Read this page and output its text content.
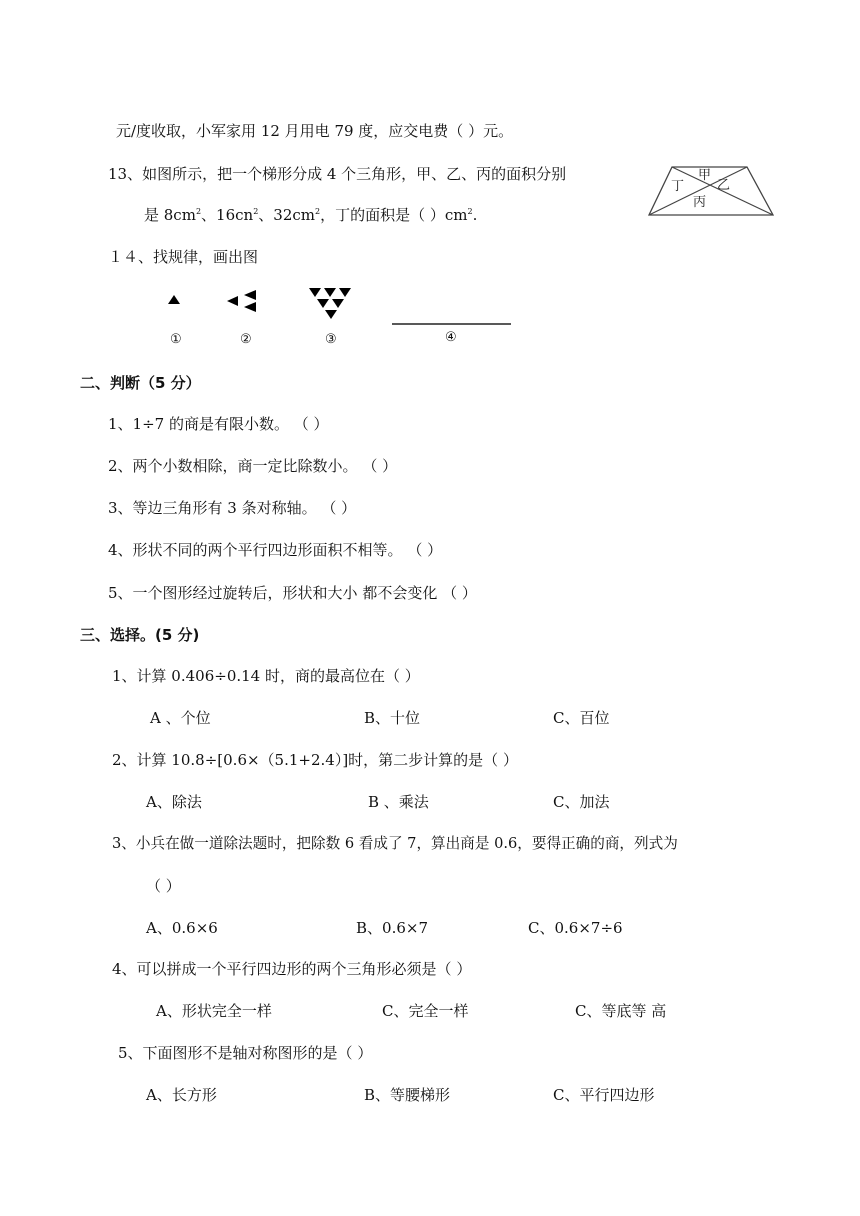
元/度收取，小军家用 12 月用电 79 度，应交电费（ ）元。
13、如图所示，把一个梯形分成 4 个三角形，甲、乙、丙的面积分别
是 $8cm^2$、$16cn^2$、$32cm^2$，丁的面积是（ ）$cm^2$.
甲
乙
丁
丙
１４、找规律，画出图
①	②	③	④
二、判断（5 分）
1、1÷7 的商是有限小数。 （ ）
2、两个小数相除，商一定比除数小。 （ ）
3、等边三角形有 3 条对称轴。 （ ）
4、形状不同的两个平行四边形面积不相等。 （ ）
5、一个图形经过旋转后，形状和大小 都不会变化 （ ）
三、选择。(5 分)
1、计算 0.406÷0.14 时，商的最高位在（ ）
A 、个位	B、十位	C、百位
2、计算 10.8÷[0.6×（5.1+2.4）]时，第二步计算的是（ ）
A、除法	B 、乘法	C、加法
3、小兵在做一道除法题时，把除数 6 看成了 7，算出商是 0.6，要得正确的商，列式为
（ ）
A、0.6×6	B、0.6×7	C、0.6×7÷6
4、可以拼成一个平行四边形的两个三角形必须是（ ）
A、形状完全一样	C、完全一样	C、等底等 高
5、下面图形不是轴对称图形的是（ ）
A、长方形	B、等腰梯形	C、平行四边形
